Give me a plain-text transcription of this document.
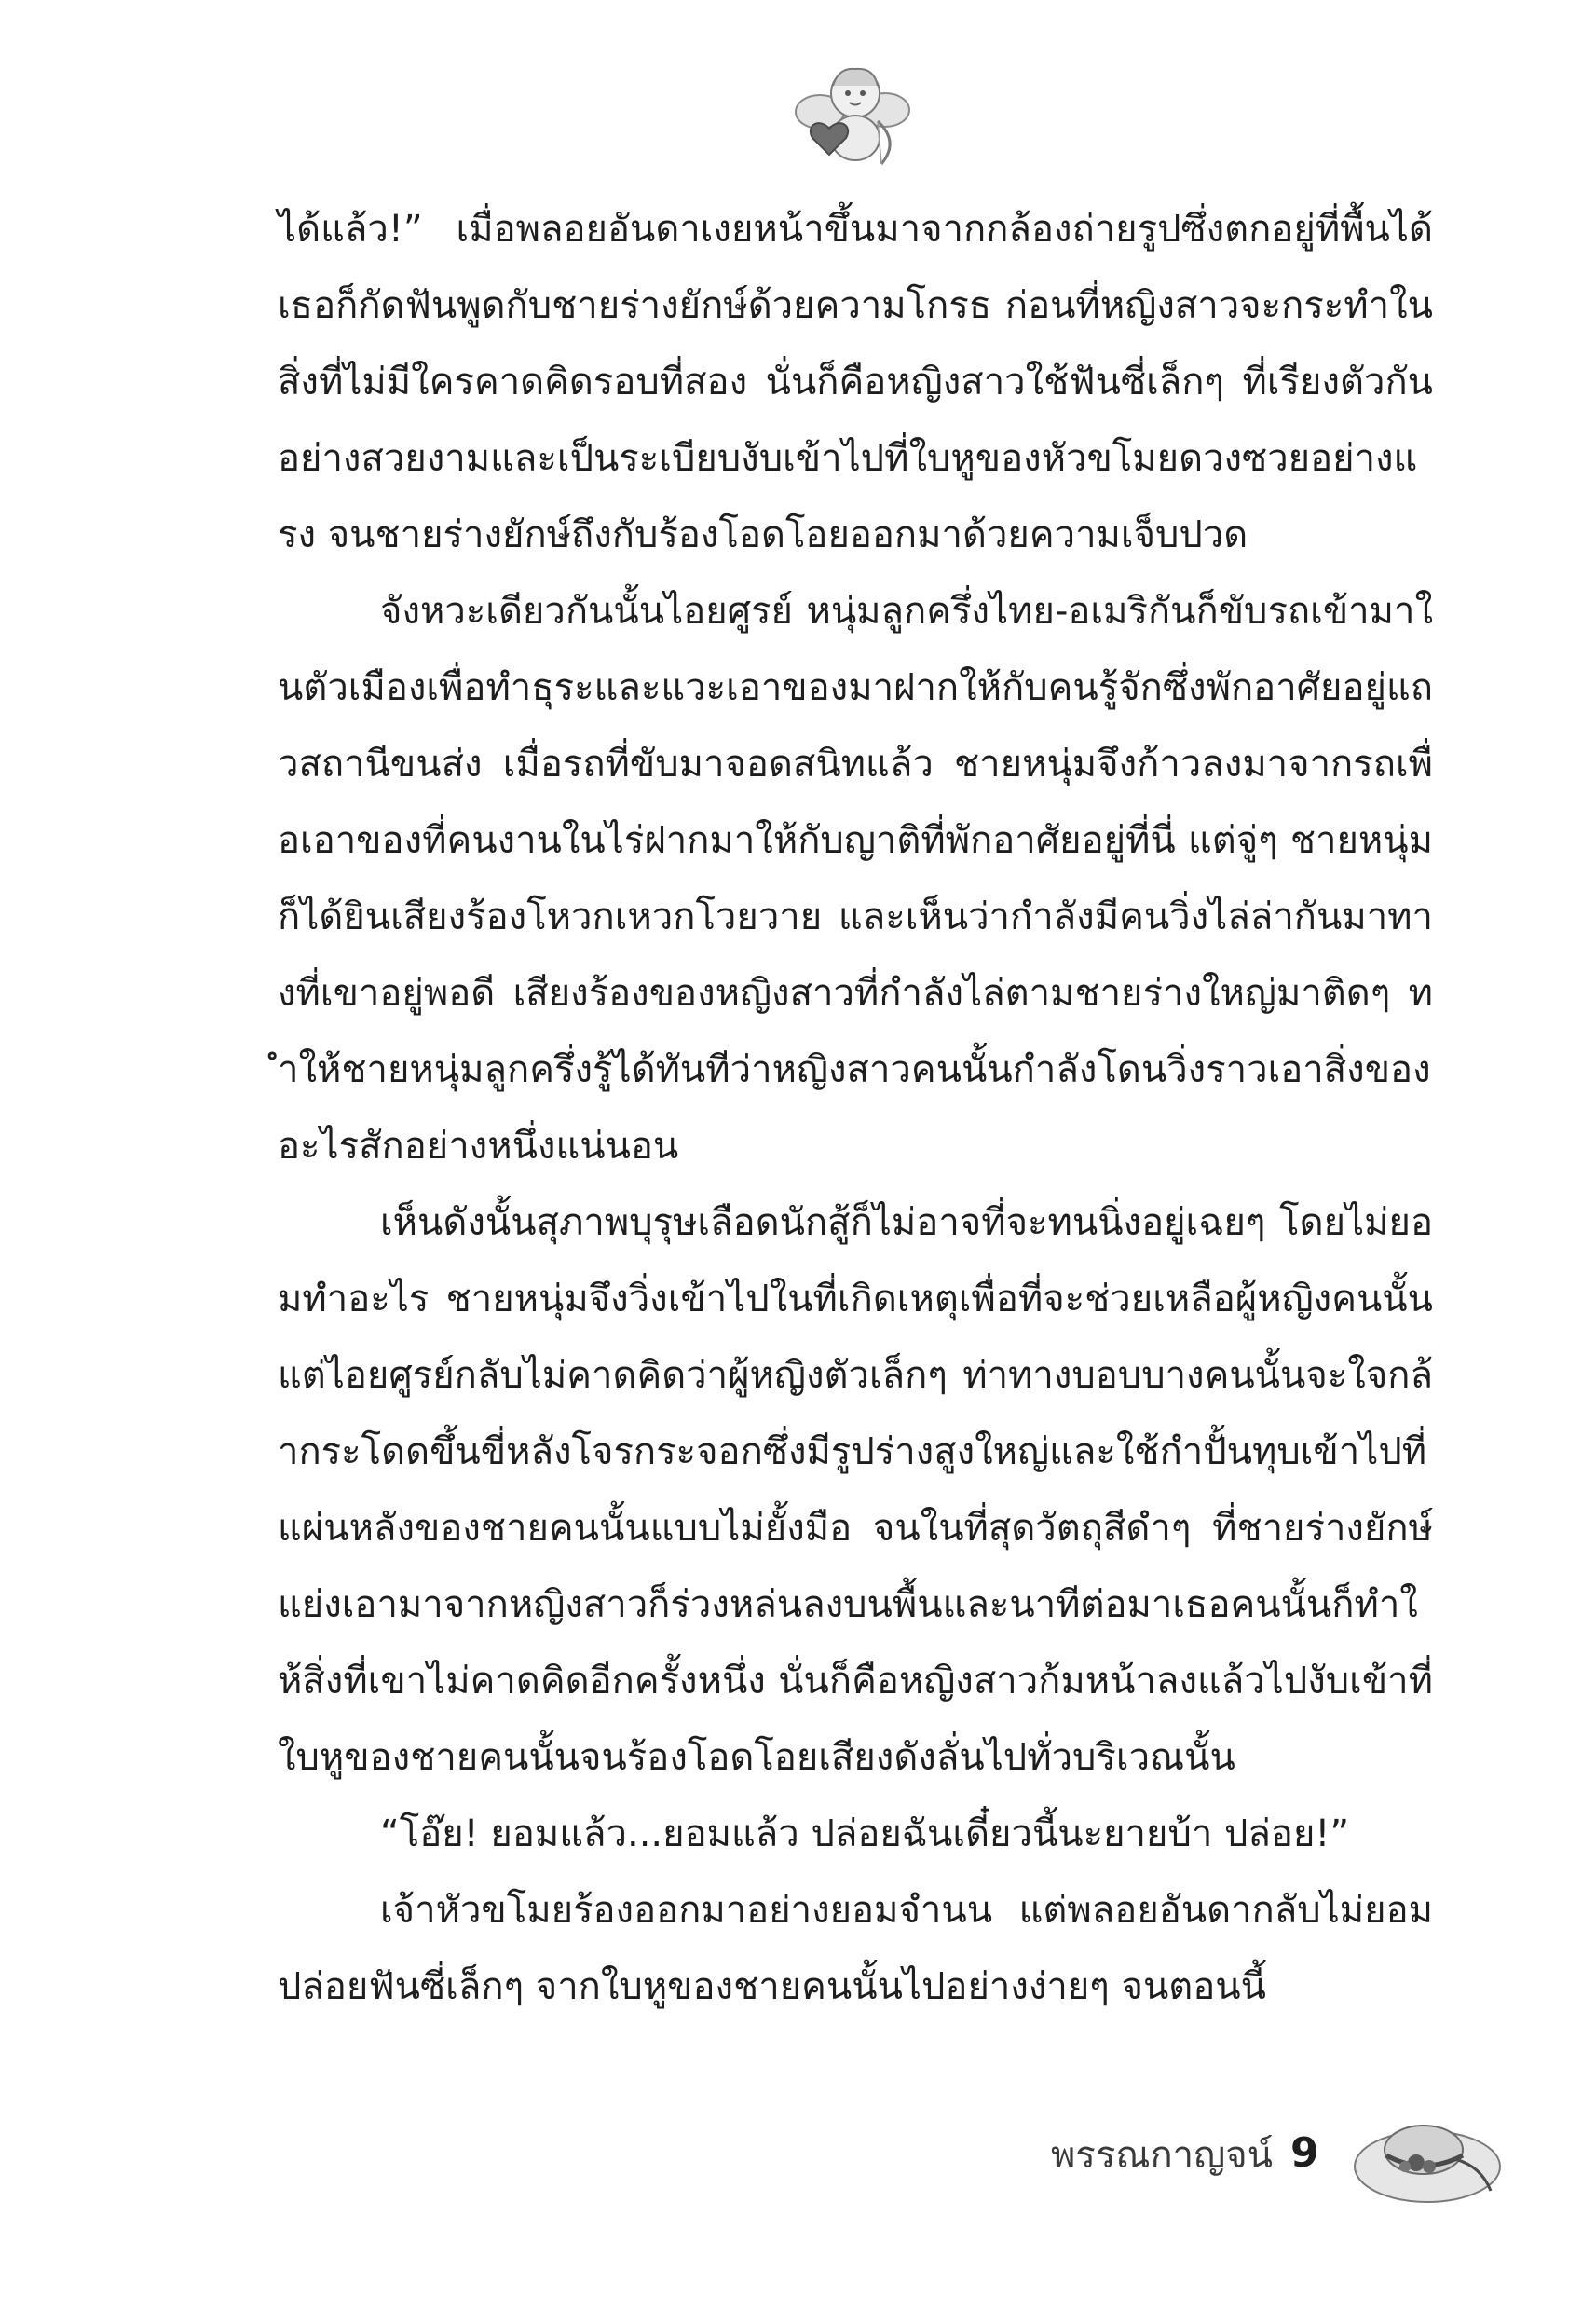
ได้แล้ว!” เมื่อพลอยอันดาเงยหน้าขึ้นมาจากกล้องถ่ายรูปซึ่งตกอยู่ที่พื้นได้ เธอก็กัดฟันพูดกับชายร่างยักษ์ด้วยความโกรธ ก่อนที่หญิงสาวจะกระทำในสิ่งที่ไม่มีใครคาดคิดรอบที่สอง นั่นก็คือหญิงสาวใช้ฟันซี่เล็กๆ ที่เรียงตัวกันอย่างสวยงามและเป็นระเบียบงับเข้าไปที่ใบหูของหัวขโมยดวงซวยอย่างแรง จนชายร่างยักษ์ถึงกับร้องโอดโอยออกมาด้วยความเจ็บปวด

จังหวะเดียวกันนั้นไอยศูรย์ หนุ่มลูกครึ่งไทย-อเมริกันก็ขับรถเข้ามาในตัวเมืองเพื่อทำธุระและแวะเอาของมาฝากให้กับคนรู้จักซึ่งพักอาศัยอยู่แถวสถานีขนส่ง เมื่อรถที่ขับมาจอดสนิทแล้ว ชายหนุ่มจึงก้าวลงมาจากรถเพื่อเอาของที่คนงานในไร่ฝากมาให้กับญาติที่พักอาศัยอยู่ที่นี่ แต่จู่ๆ ชายหนุ่มก็ได้ยินเสียงร้องโหวกเหวกโวยวาย และเห็นว่ากำลังมีคนวิ่งไล่ล่ากันมาทางที่เขาอยู่พอดี เสียงร้องของหญิงสาวที่กำลังไล่ตามชายร่างใหญ่มาติดๆ ทำให้ชายหนุ่มลูกครึ่งรู้ได้ทันทีว่าหญิงสาวคนนั้นกำลังโดนวิ่งราวเอาสิ่งของอะไรสักอย่างหนึ่งแน่นอน

เห็นดังนั้นสุภาพบุรุษเลือดนักสู้ก็ไม่อาจที่จะทนนิ่งอยู่เฉยๆ โดยไม่ยอมทำอะไร ชายหนุ่มจึงวิ่งเข้าไปในที่เกิดเหตุเพื่อที่จะช่วยเหลือผู้หญิงคนนั้น แต่ไอยศูรย์กลับไม่คาดคิดว่าผู้หญิงตัวเล็กๆ ท่าทางบอบบางคนนั้นจะใจกล้ากระโดดขึ้นขี่หลังโจรกระจอกซึ่งมีรูปร่างสูงใหญ่และใช้กำปั้นทุบเข้าไปที่แผ่นหลังของชายคนนั้นแบบไม่ยั้งมือ จนในที่สุดวัตถุสีดำๆ ที่ชายร่างยักษ์แย่งเอามาจากหญิงสาวก็ร่วงหล่นลงบนพื้นและนาทีต่อมาเธอคนนั้นก็ทำให้สิ่งที่เขาไม่คาดคิดอีกครั้งหนึ่ง นั่นก็คือหญิงสาวก้มหน้าลงแล้วไปงับเข้าที่ใบหูของชายคนนั้นจนร้องโอดโอยเสียงดังลั่นไปทั่วบริเวณนั้น

“โอ๊ย! ยอมแล้ว...ยอมแล้ว ปล่อยฉันเดี๋ยวนี้นะยายบ้า ปล่อย!”

เจ้าหัวขโมยร้องออกมาอย่างยอมจำนน แต่พลอยอันดากลับไม่ยอมปล่อยฟันซี่เล็กๆ จากใบหูของชายคนนั้นไปอย่างง่ายๆ จนตอนนี้

พรรณกาญจน์ 9
